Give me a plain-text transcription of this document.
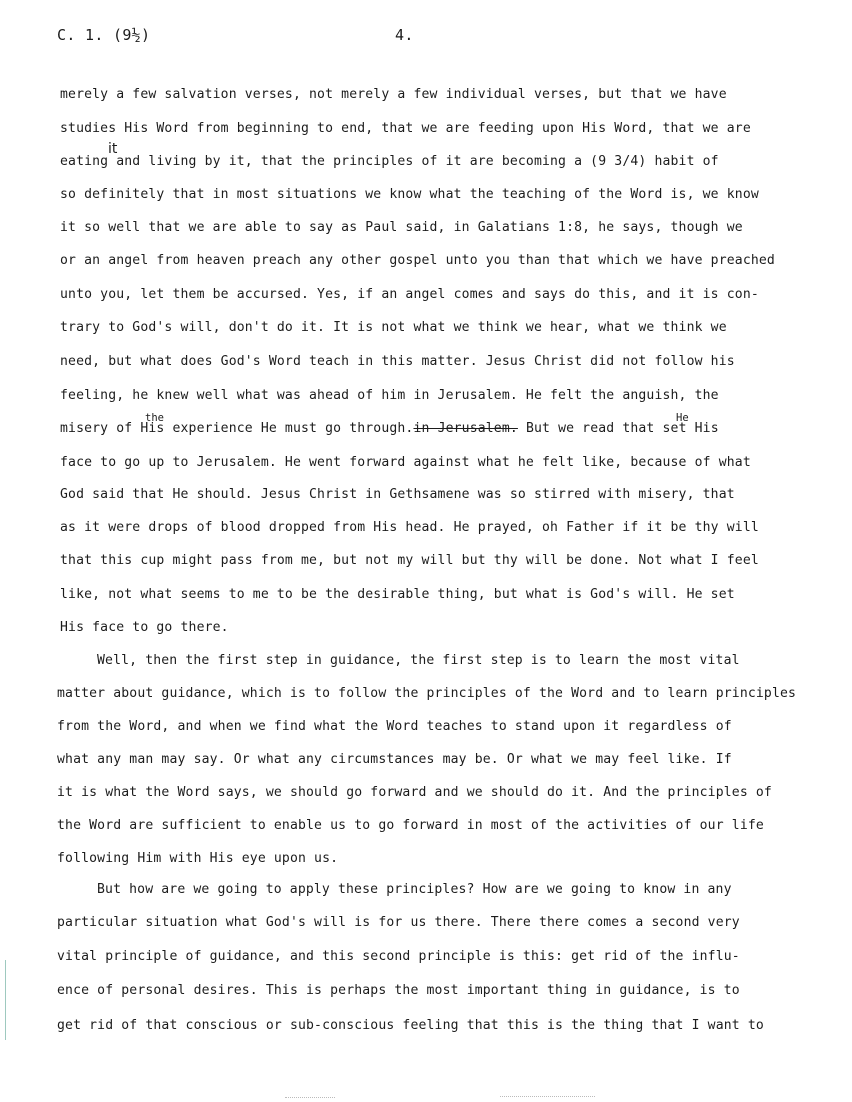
C. 1. (9½)	4.
merely a few salvation verses, not merely a few individual verses, but that we have
studies His Word from beginning to end, that we are feeding upon His Word, that we are
it
eating and living by it, that the principles of it are becoming a (9 3/4) habit of
so definitely that in most situations we know what the teaching of the Word is, we know
it so well that we are able to say as Paul said, in Galatians 1:8, he says, though we
or an angel from heaven preach any other gospel unto you than that which we have preached
unto you, let them be accursed. Yes, if an angel comes and says do this, and it is con-
trary to God's will, don't do it. It is not what we think we hear, what we think we
need, but what does God's Word teach in this matter. Jesus Christ did not follow his
feeling, he knew well what was ahead of him in Jerusalem. He felt the anguish, the
the	He
misery of His experience He must go through.in Jerusalem. But we read that set His
face to go up to Jerusalem. He went forward against what he felt like, because of what
God said that He should. Jesus Christ in Gethsamene was so stirred with misery, that
as it were drops of blood dropped from His head. He prayed, oh Father if it be thy will
that this cup might pass from me, but not my will but thy will be done. Not what I feel
like, not what seems to me to be the desirable thing, but what is God's will. He set
His face to go there.
Well, then the first step in guidance, the first step is to learn the most vital
matter about guidance, which is to follow the principles of the Word and to learn principles
from the Word, and when we find what the Word teaches to stand upon it regardless of
what any man may say. Or what any circumstances may be. Or what we may feel like. If
it is what the Word says, we should go forward and we should do it. And the principles of
the Word are sufficient to enable us to go forward in most of the activities of our life
following Him with His eye upon us.
But how are we going to apply these principles? How are we going to know in any
particular situation what God's will is for us there. There there comes a second very
vital principle of guidance, and this second principle is this: get rid of the influ-
ence of personal desires. This is perhaps the most important thing in guidance, is to
get rid of that conscious or sub-conscious feeling that this is the thing that I want to
